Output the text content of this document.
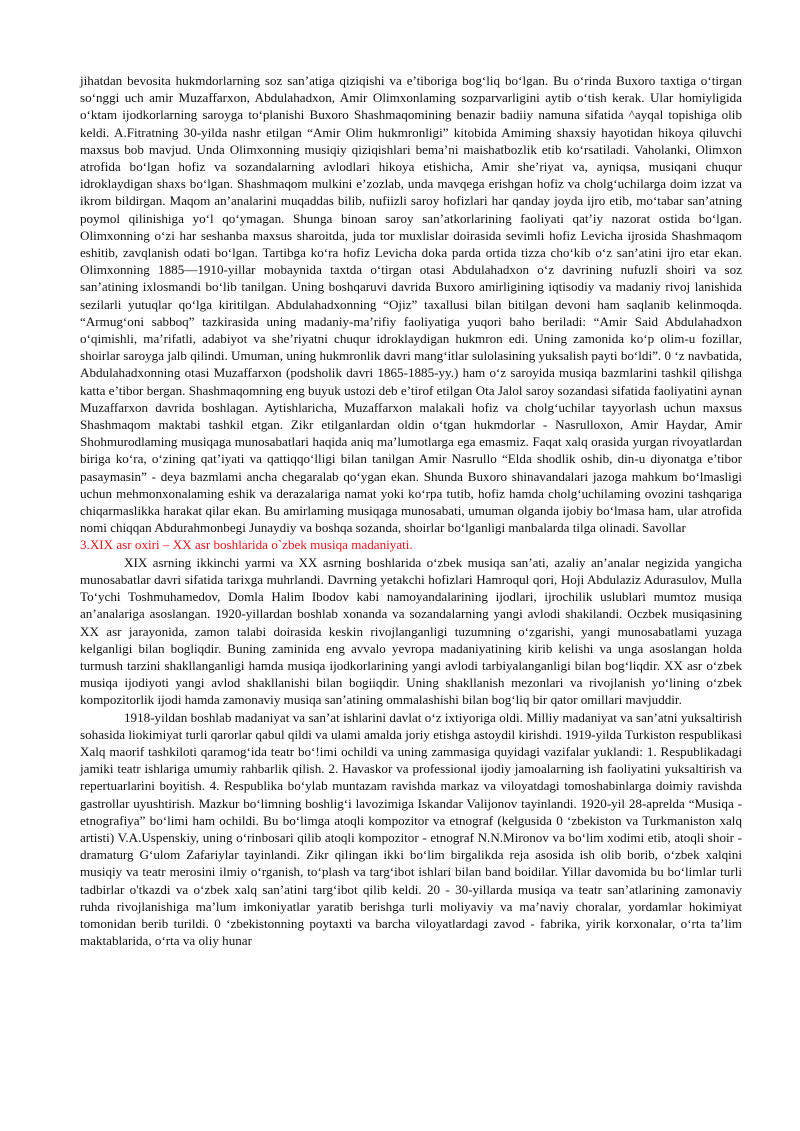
jihatdan bevosita hukmdorlarning soz san’atiga qiziqishi va e’tiboriga bog‘liq bo‘lgan. Bu o‘rinda Buxoro taxtiga o‘tirgan so‘nggi uch amir Muzaffarxon, Abdulahadxon, Amir Olimxonlaming sozparvarligini aytib o‘tish kerak. Ular homiyligida o‘ktam ijodkorlarning saroyga to‘planishi Buxoro Shashmaqomining benazir badiiy namuna sifatida ^ayqal topishiga olib keldi. A.Fitratning 30-yilda nashr etilgan “Amir Olim hukmronligi” kitobida Amiming shaxsiy hayotidan hikoya qiluvchi maxsus bob mavjud. Unda Olimxonning musiqiy qiziqishlari bema’ni maishatbozlik etib ko‘rsatiladi. Vaholanki, Olimxon atrofida bo‘lgan hofiz va sozandalarning avlodlari hikoya etishicha, Amir she’riyat va, ayniqsa, musiqani chuqur idroklaydigan shaxs bo‘lgan. Shashmaqom mulkini e’zozlab, unda mavqega erishgan hofiz va cholg‘uchilarga doim izzat va ikrom bildirgan. Maqom an’analarini muqaddas bilib, nufiizli saroy hofizlari har qanday joyda ijro etib, mo‘tabar san’atning poymol qilinishiga yo‘l qo‘ymagan. Shunga binoan saroy san’atkorlarining faoliyati qat’iy nazorat ostida bo‘lgan. Olimxonning o‘zi har seshanba maxsus sharoitda, juda tor muxlislar doirasida sevimli hofiz Levicha ijrosida Shashmaqom eshitib, zavqlanish odati bo‘lgan. Tartibga ko‘ra hofiz Levicha doka parda ortida tizza cho‘kib o‘z san’atini ijro etar ekan. Olimxonning 1885—1910-yillar mobaynida taxtda o‘tirgan otasi Abdulahadxon o‘z davrining nufuzli shoiri va soz san’atining ixlosmandi bo‘lib tanilgan. Uning boshqaruvi davrida Buxoro amirligining iqtisodiy va madaniy rivoj lanishida sezilarli yutuqlar qo‘lga kiritilgan. Abdulahadxonning “Ojiz” taxallusi bilan bitilgan devoni ham saqlanib kelinmoqda. “Armug‘oni sabboq” tazkirasida uning madaniy-ma’rifiy faoliyatiga yuqori baho beriladi: “Amir Said Abdulahadxon o‘qimishli, ma’rifatli, adabiyot va she’riyatni chuqur idroklaydigan hukmron edi. Uning zamonida ko‘p olim-u fozillar, shoirlar saroyga jalb qilindi. Umuman, uning hukmronlik davri mang‘itlar sulolasining yuksalish payti bo‘ldi”. 0 ‘z navbatida, Abdulahadxonning otasi Muzaffarxon (podsholik davri 1865-1885-yy.) ham o‘z saroyida musiqa bazmlarini tashkil qilishga katta e’tibor bergan. Shashmaqomning eng buyuk ustozi deb e’tirof etilgan Ota Jalol saroy sozandasi sifatida faoliyatini aynan Muzaffarxon davrida boshlagan. Aytishlaricha, Muzaffarxon malakali hofiz va cholg‘uchilar tayyorlash uchun maxsus Shashmaqom maktabi tashkil etgan. Zikr etilganlardan oldin o‘tgan hukmdorlar - Nasrulloxon, Amir Haydar, Amir Shohmurodlaming musiqaga munosabatlari haqida aniq ma’lumotlarga ega emasmiz. Faqat xalq orasida yurgan rivoyatlardan biriga ko‘ra, o‘zining qat’iyati va qattiqqo‘lligi bilan tanilgan Amir Nasrullo “Elda shodlik oshib, din-u diyonatga e’tibor pasaymasin” - deya bazmlami ancha chegaralab qo‘ygan ekan. Shunda Buxoro shinavandalari jazoga mahkum bo‘lmasligi uchun mehmonxonalaming eshik va derazalariga namat yoki ko‘rpa tutib, hofiz hamda cholg‘uchilaming ovozini tashqariga chiqarmaslikka harakat qilar ekan. Bu amirlaming musiqaga munosabati, umuman olganda ijobiy bo‘lmasa ham, ular atrofida nomi chiqqan Abdurahmonbegi Junaydiy va boshqa sozanda, shoirlar bo‘lganligi manbalarda tilga olinadi. Savollar

3.XIX asr oxiri – XX asr boshlarida o`zbek musiqa madaniyati.

XIX asrning ikkinchi yarmi va XX asrning boshlarida o‘zbek musiqa san’ati, azaliy an’analar negizida yangicha munosabatlar davri sifatida tarixga muhrlandi. Davrning yetakchi hofizlari Hamroqul qori, Hoji Abdulaziz Adurasulov, Mulla To‘ychi Toshmuhamedov, Domla Halim Ibodov kabi namoyandalarining ijodlari, ijrochilik uslublari mumtoz musiqa an’analariga asoslangan. 1920-yillardan boshlab xonanda va sozandalarning yangi avlodi shakilandi. Oczbek musiqasining XX asr jarayonida, zamon talabi doirasida keskin rivojlanganligi tuzumning o‘zgarishi, yangi munosabatlami yuzaga kelganligi bilan bogliqdir. Buning zaminida eng avvalo yevropa madaniyatining kirib kelishi va unga asoslangan holda turmush tarzini shakllanganligi hamda musiqa ijodkorlarining yangi avlodi tarbiyalanganligi bilan bog‘liqdir. XX asr o‘zbek musiqa ijodiyoti yangi avlod shakllanishi bilan bogiiqdir. Uning shakllanish mezonlari va rivojlanish yo‘lining o‘zbek kompozitorlik ijodi hamda zamonaviy musiqa san’atining ommalashishi bilan bog‘liq bir qator omillari mavjuddir.

1918-yildan boshlab madaniyat va san’at ishlarini davlat o‘z ixtiyoriga oldi. Milliy madaniyat va san’atni yuksaltirish sohasida liokimiyat turli qarorlar qabul qildi va ulami amalda joriy etishga astoydil kirishdi. 1919-yilda Turkiston respublikasi Xalq maorif tashkiloti qaramog‘ida teatr bo‘!imi ochildi va uning zammasiga quyidagi vazifalar yuklandi: 1. Respublikadagi jamiki teatr ishlariga umumiy rahbarlik qilish. 2. Havaskor va professional ijodiy jamoalarning ish faoliyatini yuksaltirish va repertuarlarini boyitish. 4. Respublika bo‘ylab muntazam ravishda markaz va viloyatdagi tomoshabinlarga doimiy ravishda gastrollar uyushtirish. Mazkur bo‘limning boshlig‘i lavozimiga Iskandar Valijonov tayinlandi. 1920-yil 28-aprelda “Musiqa - etnografiya” bo‘limi ham ochildi. Bu bo‘limga atoqli kompozitor va etnograf (kelgusida 0 ‘zbekiston va Turkmaniston xalq artisti) V.A.Uspenskiy, uning o‘rinbosari qilib atoqli kompozitor - etnograf N.N.Mironov va bo‘lim xodimi etib, atoqli shoir - dramaturg G‘ulom Zafariylar tayinlandi. Zikr qilingan ikki bo‘lim birgalikda reja asosida ish olib borib, o‘zbek xalqini musiqiy va teatr merosini ilmiy o‘rganish, to‘plash va targ‘ibot ishlari bilan band boidilar. Yillar davomida bu bo‘limlar turli tadbirlar o'tkazdi va o‘zbek xalq san’atini targ‘ibot qilib keldi. 20 - 30-yillarda musiqa va teatr san’atlarining zamonaviy ruhda rivojlanishiga ma’lum imkoniyatlar yaratib berishga turli moliyaviy va ma’naviy choralar, yordamlar hokimiyat tomonidan berib turildi. 0 ‘zbekistonning poytaxti va barcha viloyatlardagi zavod - fabrika, yirik korxonalar, o‘rta ta’lim maktablarida, o‘rta va oliy hunar
